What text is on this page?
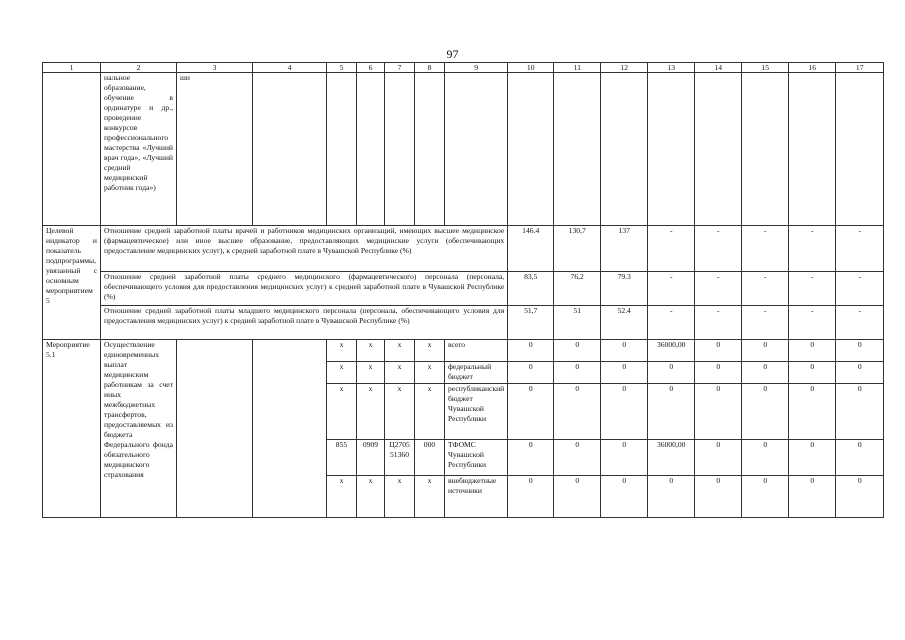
97
1	2	3	4	5	6	7	8	9	10	11	12	13	14	15	16	17
	нальное образование, обучение в ординатуре и др., проведение конкурсов профессионального мастерства «Лучший врач года», «Лучший средний медицинский работник года»)	ши														
Целевой индикатор и показатель подпрограммы, увязанный с основным мероприятием 5	Отношение средней заработной платы врачей и работников медицинских организаций, имеющих высшее медицинское (фармацевтическое) или иное высшее образование, предоставляющих медицинские услуги (обеспечивающих предоставление медицинских услуг), к средней заработной плате в Чувашской Республике (%)								146.4	130,7	137	-	-	-	-	-
	Отношение средней заработной платы среднего медицинского (фармацевтического) персонала (персонала, обеспечивающего условия для предоставления медицинских услуг) к средней заработной плате в Чувашской Республике (%)								83,5	76,2	79.3	-	-	-	-	-
	Отношение средней заработной платы младшего медицинского персонала (персонала, обеспечивающего условия для предоставления медицинских услуг) к средней заработной плате в Чувашской Республике (%)								51,7	51	52.4	-	-	-	-	-
Мероприятие 5.1	Осуществление единовременных выплат медицинским работникам за счет иных межбюджетных трансфертов, предоставляемых из бюджета Федерального фонда обязательного медицинского страхования			x	x	x	x	всего	0	0	0	36000,00	0	0	0	0
				x	x	x	x	федеральный бюджет	0	0	0	0	0	0	0	0
				x	x	x	x	республиканский бюджет Чувашской Республики	0	0	0	0	0	0	0	0
				855	0909	Ц2705 51360	000	ТФОМС Чувашской Республики	0	0	0	36000,00	0	0	0	0
				x	x	x	x	внебюджетные источники	0	0	0	0	0	0	0	0
